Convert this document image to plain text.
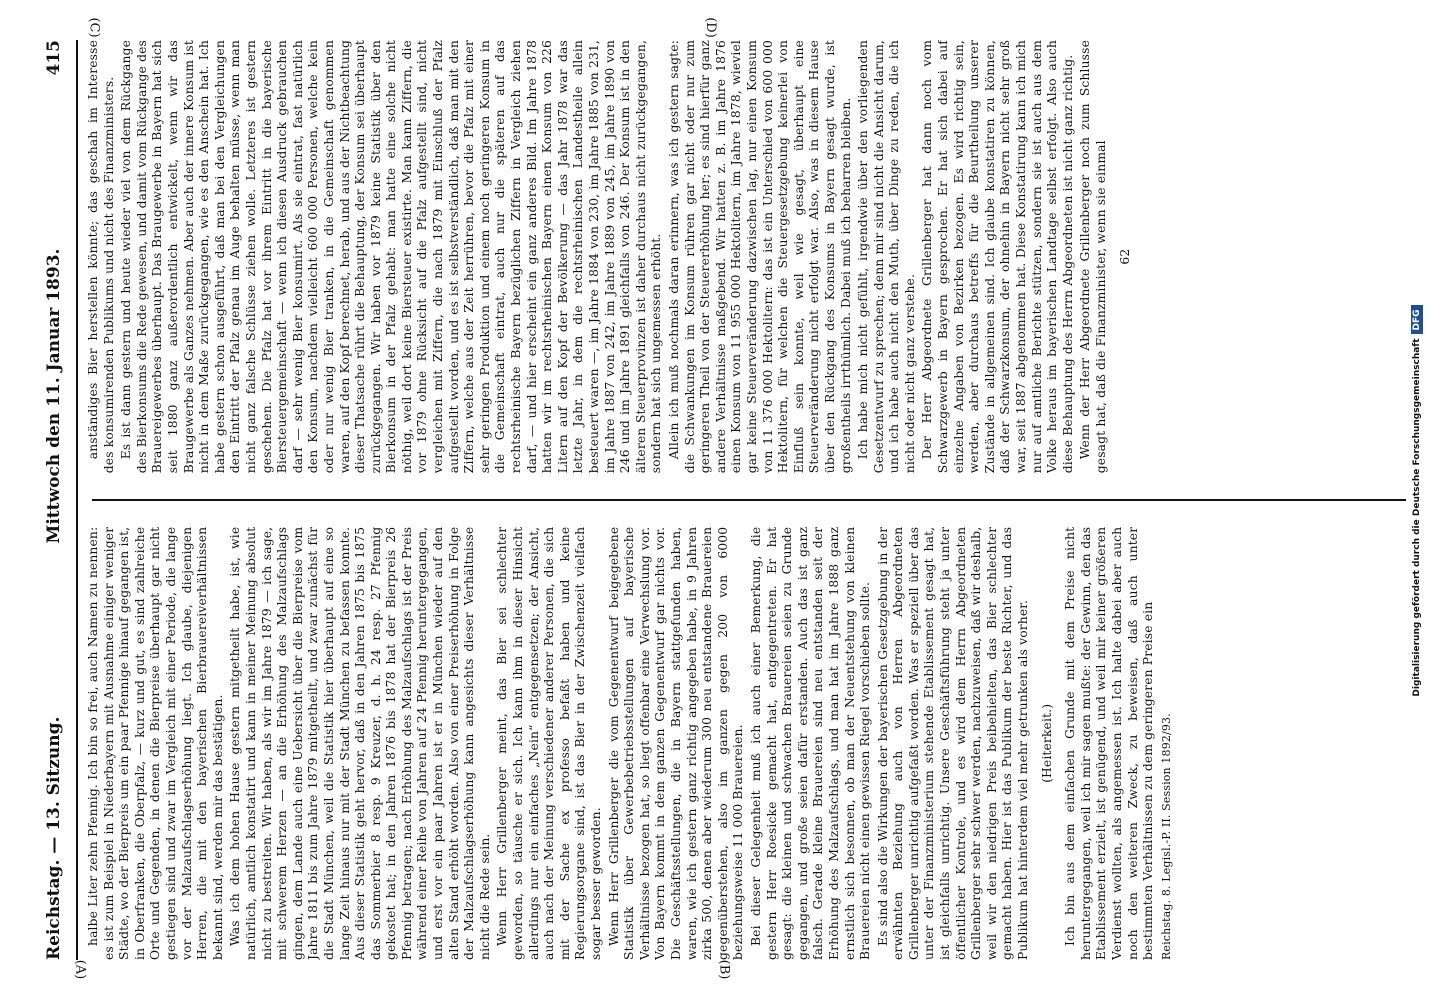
Reichstag. — 13. Sitzung.
Mittwoch den 11. Januar 1893.
415

halbe Liter zehn Pfennig. Ich bin so frei, auch Namen zu nennen: es ist zum Beispiel in Niederbayern mit Ausnahme einiger weniger Städte, wo der Bierpreis um ein paar Pfennige hinauf gegangen ist, in Oberfranken, die Oberpfalz, — kurz und gut, es sind zahlreiche Orte und Gegenden, in denen die Bierpreise überhaupt gar nicht gestiegen sind und zwar im Vergleich mit einer Periode, die lange vor der Malzaufschlagserhöhung liegt. Ich glaube, diejenigen Herren, die mit den bayerischen Bierbrauereiverhältnissen bekannt sind, werden mir das bestätigen. Was ich dem hohen Hause gestern mitgetheilt habe, ist, wie natürlich, amtlich konstatirt und kann in meiner Meinung absolut nicht zu bestreiten. Wir haben, als wir im Jahre 1879 — ich sage, mit schwerem Herzen — an die Erhöhung des Malzaufschlags gingen, dem Lande auch eine Uebersicht über die Bierpreise vom Jahre 1811 bis zum Jahre 1879 mitgetheilt, und zwar zunächst für die Stadt München, weil die Statistik hier überhaupt auf eine so lange Zeit hinaus nur mit der Stadt München zu befassen konnte. Aus dieser Statistik geht hervor, daß in den Jahren 1875 bis 1875 das Sommerbier 8 resp. 9 Kreuzer, d. h. 24 resp. 27 Pfennig gekostet hat; in den Jahren 1876 bis 1878 hat der Bierpreis 26 Pfennig betragen; nach Erhöhung des Malzaufschlags ist der Preis während einer Reihe von Jahren auf 24 Pfennig heruntergegangen, und erst vor ein paar Jahren ist er in München wieder auf den alten Stand erhöht worden. Also von einer Preiserhöhung in Folge der Malzaufschlagserhöhung kann angesichts dieser Verhältnisse nicht die Rede sein. Wenn Herr Grillenberger meint, das Bier sei schlechter geworden, so täusche er sich. Ich kann ihm in dieser Hinsicht allerdings nur ein einfaches „Nein“ entgegensetzen; der Ansicht, auch nach der Meinung verschiedener anderer Personen, die sich mit der Sache ex professo befaßt haben und keine Regierungsorgane sind, ist das Bier in der Zwischenzeit vielfach sogar besser geworden. Wenn Herr Grillenberger die vom Gegenentwurf beigegebene Statistik über Gewerbebetriebsstellungen auf bayerische Verhältnisse bezogen hat, so liegt offenbar eine Verwechslung vor. Von Bayern kommt in dem ganzen Gegenentwurf gar nichts vor. Die Geschäftsstellungen, die in Bayern stattgefunden haben, waren, wie ich gestern ganz richtig angegeben habe, in 9 Jahren zirka 500, denen aber wiederum 300 neu entstandene Brauereien gegenüberstehen, also im ganzen gegen 200 von 6000 beziehungsweise 11 000 Brauereien. Bei dieser Gelegenheit muß ich auch einer Bemerkung, die gestern Herr Roesicke gemacht hat, entgegentreten. Er hat gesagt: die kleinen und schwachen Brauereien seien zu Grunde gegangen, und große seien dafür erstanden. Auch das ist ganz falsch. Gerade kleine Brauereien sind neu entstanden seit der Erhöhung des Malzaufschlags, und man hat im Jahre 1888 ganz ernstlich sich besonnen, ob man der Neuentstehung von kleinen Brauereien nicht einen gewissen Riegel vorschieben sollte. Es sind also die Wirkungen der bayerischen Gesetzgebung in der erwähnten Beziehung auch von Herren Abgeordneten Grillenberger unrichtig aufgefaßt worden. Was er speziell über das unter der Finanzministerium stehende Etablissement gesagt hat, ist gleichfalls unrichtig. Unsere Geschäftsführung steht ja unter öffentlicher Kontrole, und es wird dem Herrn Abgeordneten Grillenberger sehr schwer werden, nachzuweisen, daß wir deshalb, weil wir den niedrigen Preis beibehielten, das Bier schlechter gemacht haben. Hier ist das Publikum der beste Richter, und das Publikum hat hinterdem viel mehr getrunken als vorher. (Heiterkeit.) Ich bin aus dem einfachen Grunde mit dem Preise nicht heruntergegangen, weil ich mir sagen mußte: der Gewinn, den das Etablissement erzielt, ist genügend, und weil mir keiner größeren Verdienst wollten, als angemessen ist. Ich halte dabei aber auch noch den weiteren Zweck, zu beweisen, daß auch unter bestimmten Verhältnissen zu dem geringeren Preise ein Reichstag. 8. Legisl.-P. II. Session 1892/93.

anständiges Bier herstellen könnte; das geschah im Interesse des konsumirenden Publikums und nicht des Finanzministers. Es ist dann gestern und heute wieder viel von dem Rückgange des Bierkonsums die Rede gewesen, und damit vom Rückgange des Brauereigewerbes überhaupt. Das Braugewerbe in Bayern hat sich seit 1880 ganz außerordentlich entwickelt, wenn wir das Braugewerbe als Ganzes nehmen. Aber auch der innere Konsum ist nicht in dem Maße zurückgegangen, wie es den Anschein hat. Ich habe gestern schon ausgeführt, daß man bei den Vergleichungen den Eintritt der Pfalz genau im Auge behalten müsse, wenn man nicht ganz falsche Schlüsse ziehen wolle. Letzteres ist gestern geschehen. Die Pfalz hat vor ihrem Eintritt in die bayerische Biersteuergemeinschaft — wenn ich diesen Ausdruck gebrauchen darf — sehr wenig Bier konsumirt. Als sie eintrat, fast natürlich den Konsum, nachdem vielleicht 600 000 Personen, welche kein oder nur wenig Bier tranken, in die Gemeinschaft genommen waren, auf den Kopf berechnet, herab, und aus der Nichtbeachtung dieser Thatsache rührt die Behauptung, der Konsum sei überhaupt zurückgegangen. Wir haben vor 1879 keine Statistik über den Bierkonsum in der Pfalz gehabt: man hatte eine solche nicht nöthig, weil dort keine Biersteuer existirte. Man kann Ziffern, die vor 1879 ohne Rücksicht auf die Pfalz aufgestellt sind, nicht vergleichen mit Ziffern, die nach 1879 mit Einschluß der Pfalz aufgestellt worden, und es ist selbstverständlich, daß man mit den Ziffern, welche aus der Zeit herrühren, bevor die Pfalz mit einer sehr geringen Produktion und einem noch geringeren Konsum in die Gemeinschaft eintrat, auch nur die späteren auf das rechtsrheinische Bayern bezüglichen Ziffern in Vergleich ziehen darf, — und hier erscheint ein ganz anderes Bild. Im Jahre 1878 hatten wir im rechtsrheinischen Bayern einen Konsum von 226 Litern auf den Kopf der Bevölkerung — das Jahr 1878 war das letzte Jahr, in dem die rechtsrheinischen Landestheile allein besteuert waren —, im Jahre 1884 von 230, im Jahre 1885 von 231, im Jahre 1887 von 242, im Jahre 1889 von 245, im Jahre 1890 von 246 und im Jahre 1891 gleichfalls von 246. Der Konsum ist in den älteren Steuerprovinzen ist daher durchaus nicht zurückgegangen, sondern hat sich ungemessen erhöht. Allein ich muß nochmals daran erinnern, was ich gestern sagte: die Schwankungen im Konsum rühren gar nicht oder nur zum geringeren Theil von der Steuererhöhung her; es sind hierfür ganz andere Verhältnisse maßgebend. Wir hatten z. B. im Jahre 1876 einen Konsum von 11 955 000 Hektolitern, im Jahre 1878, wieviel gar keine Steuerveränderung dazwischen lag, nur einen Konsum von 11 376 000 Hektolitern: das ist ein Unterschied von 600 000 Hektolitern, für welchen die Steuergesetzgebung keinerlei von Einfluß sein konnte, weil wie gesagt, überhaupt eine Steuerveränderung nicht erfolgt war. Also, was in diesem Hause über den Rückgang des Konsums in Bayern gesagt wurde, ist großentheils irrthümlich. Dabei muß ich beharren bleiben. Ich habe mich nicht gefühlt, irgendwie über den vorliegenden Gesetzentwurf zu sprechen; denn mir sind nicht die Ansicht darum, und ich habe auch nicht den Muth, über Dinge zu reden, die ich nicht oder nicht ganz verstehe. Der Herr Abgeordnete Grillenberger hat dann noch vom Schwarzgewerb in Bayern gesprochen. Er hat sich dabei auf einzelne Angaben von Bezirken bezogen. Es wird richtig sein, werden, aber durchaus betreffs für die Beurtheilung unserer Zustände in allgemeinen sind. Ich glaube konstatiren zu können, daß der Schwarzkonsum, der ohnehin in Bayern nicht sehr groß war, seit 1887 abgenommen hat. Diese Konstatirung kann ich mich nur auf amtliche Berichte stützen, sondern sie ist auch aus dem Volke heraus im bayerischen Landtage selbst erfolgt. Also auch diese Behauptung des Herrn Abgeordneten ist nicht ganz richtig. Wenn der Herr Abgeordnete Grillenberger noch zum Schlusse gesagt hat, daß die Finanzminister, wenn sie einmal 62

(A)	(B)
(C)	(D)
Digitalisierung gefördert durch die Deutsche Forschungsgemeinschaft
DFG
